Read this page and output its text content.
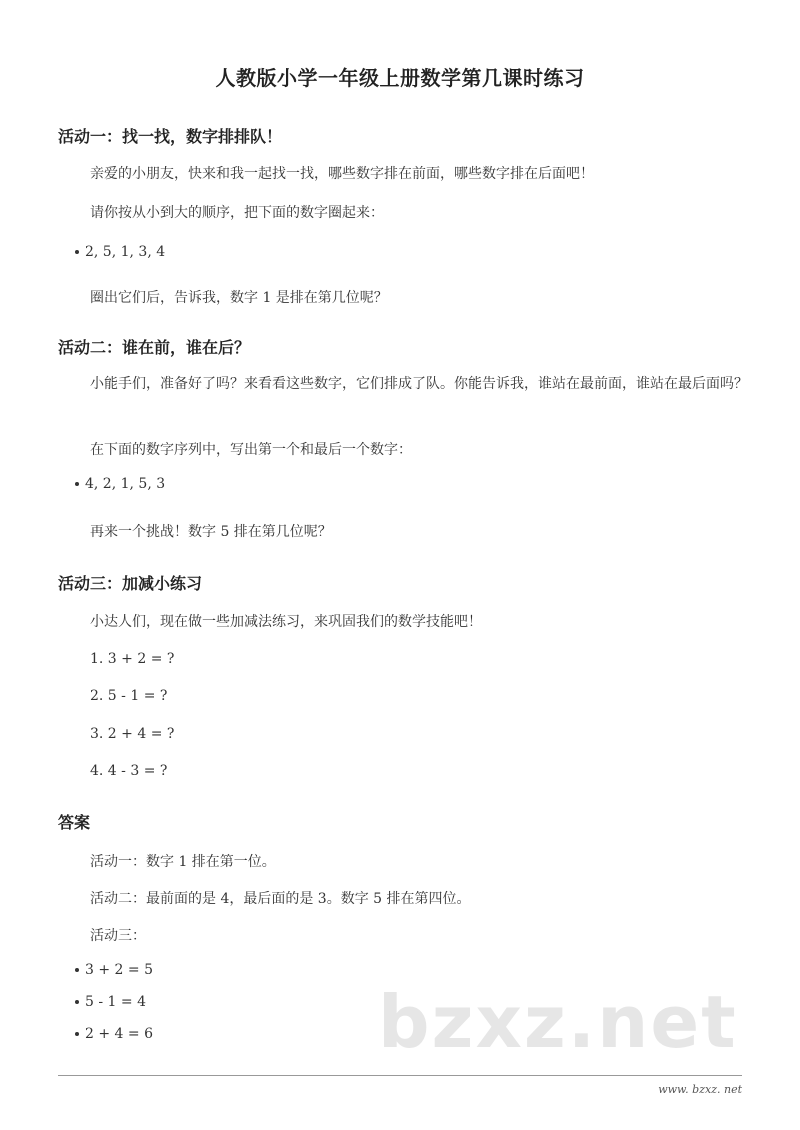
人教版小学一年级上册数学第几课时练习
活动一：找一找，数字排排队！
亲爱的小朋友，快来和我一起找一找，哪些数字排在前面，哪些数字排在后面吧！
请你按从小到大的顺序，把下面的数字圈起来：
2, 5, 1, 3, 4
圈出它们后，告诉我，数字 1 是排在第几位呢？
活动二：谁在前，谁在后？
小能手们，准备好了吗？来看看这些数字，它们排成了队。你能告诉我，谁站在最前面，谁站在最后面吗？
在下面的数字序列中，写出第一个和最后一个数字：
4, 2, 1, 5, 3
再来一个挑战！数字 5 排在第几位呢？
活动三：加减小练习
小达人们，现在做一些加减法练习，来巩固我们的数学技能吧！
1. 3 + 2 = ?
2. 5 - 1 = ?
3. 2 + 4 = ?
4. 4 - 3 = ?
答案
活动一：数字 1 排在第一位。
活动二：最前面的是 4，最后面的是 3。数字 5 排在第四位。
活动三：
3 + 2 = 5
5 - 1 = 4
2 + 4 = 6	bzxz.net
www. bzxz. net
